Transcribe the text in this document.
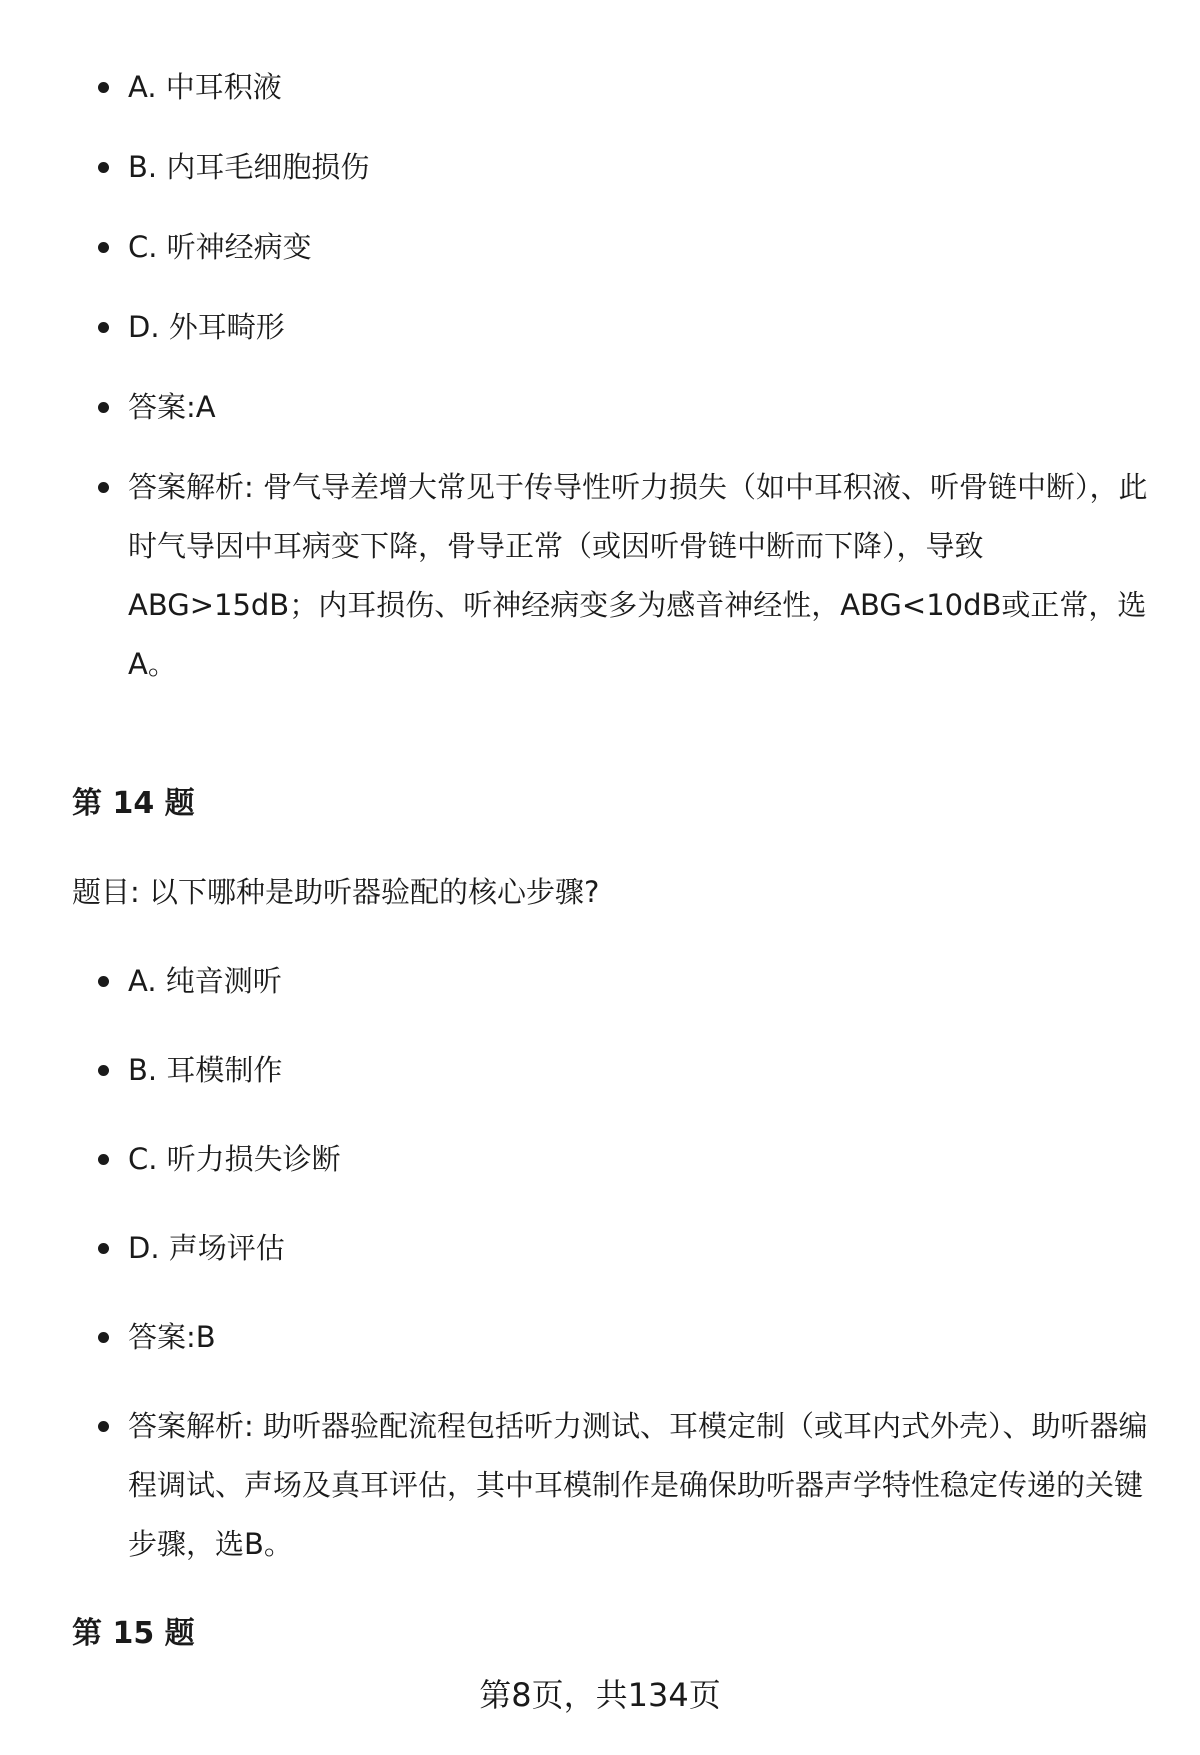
A. 中耳积液
B. 内耳毛细胞损伤
C. 听神经病变
D. 外耳畸形
答案:A
答案解析: 骨气导差增大常见于传导性听力损失（如中耳积液、听骨链中断），此时气导因中耳病变下降，骨导正常（或因听骨链中断而下降），导致ABG>15dB；内耳损伤、听神经病变多为感音神经性，ABG<10dB或正常，选A。
第 14 题
题目: 以下哪种是助听器验配的核心步骤?
A. 纯音测听
B. 耳模制作
C. 听力损失诊断
D. 声场评估
答案:B
答案解析: 助听器验配流程包括听力测试、耳模定制（或耳内式外壳）、助听器编程调试、声场及真耳评估，其中耳模制作是确保助听器声学特性稳定传递的关键步骤，选B。
第 15 题
第8页，共134页
